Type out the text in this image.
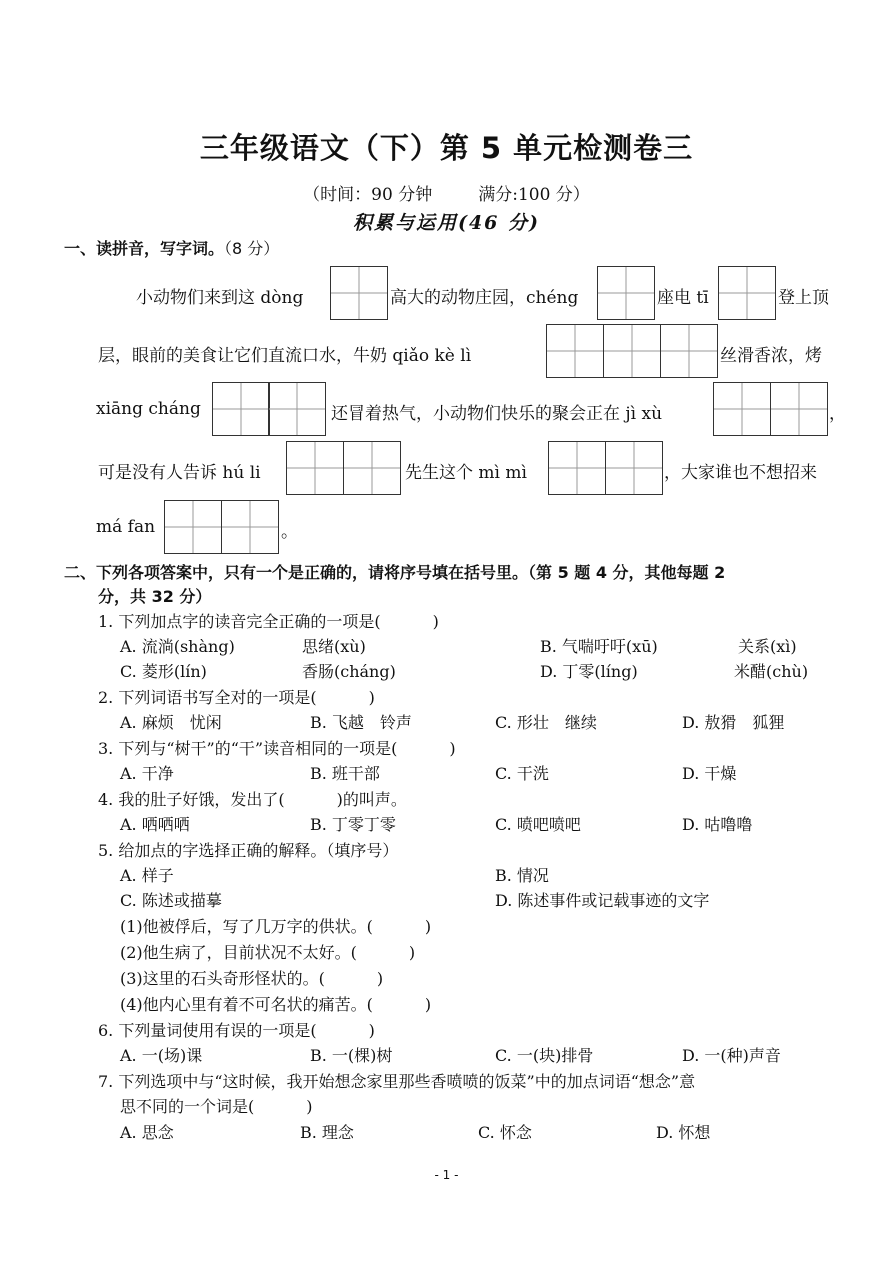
三年级语文（下）第 5 单元检测卷三
（时间：90 分钟	满分:100 分）
积累与运用(46 分)
一、读拼音，写字词。（8 分）
小动物们来到这 dòng	高大的动物庄园，chéng	座电 tī	登上顶
层，眼前的美食让它们直流口水，牛奶 qiǎo kè lì	丝滑香浓，烤
xiāng cháng	还冒着热气，小动物们快乐的聚会正在 jì xù	，
可是没有人告诉 hú li	先生这个 mì mì	，大家谁也不想招来
má fan	。
二、下列各项答案中，只有一个是正确的，请将序号填在括号里。（第 5 题 4 分，其他每题 2
分，共 32 分）
1. 下列加点字的读音完全正确的一项是(	)
A. 流淌(shàng)	思绪(xù)	B. 气喘吁吁(xū)	关系(xì)
C. 菱形(lín)	香肠(cháng)	D. 丁零(líng)	米醋(chù)
2. 下列词语书写全对的一项是(	)
A. 麻烦　忧闲	B. 飞越　铃声	C. 形壮　继续	D. 敖猾　狐狸
3. 下列与“树干”的“干”读音相同的一项是(	)
A. 干净	B. 班干部	C. 干洗	D. 干燥
4. 我的肚子好饿，发出了(	)的叫声。
A. 哂哂哂	B. 丁零丁零	C. 喷吧喷吧	D. 咕噜噜
5. 给加点的字选择正确的解释。（填序号）
A. 样子	B. 情况
C. 陈述或描摹	D. 陈述事件或记载事迹的文字
(1)他被俘后，写了几万字的供状。(	)
(2)他生病了，目前状况不太好。(	)
(3)这里的石头奇形怪状的。(	)
(4)他内心里有着不可名状的痛苦。(	)
6. 下列量词使用有误的一项是(	)
A. 一(场)课	B. 一(棵)树	C. 一(块)排骨	D. 一(种)声音
7. 下列选项中与“这时候，我开始想念家里那些香喷喷的饭菜”中的加点词语“想念”意
思不同的一个词是(	)
A. 思念	B. 理念	C. 怀念	D. 怀想
- 1 -
